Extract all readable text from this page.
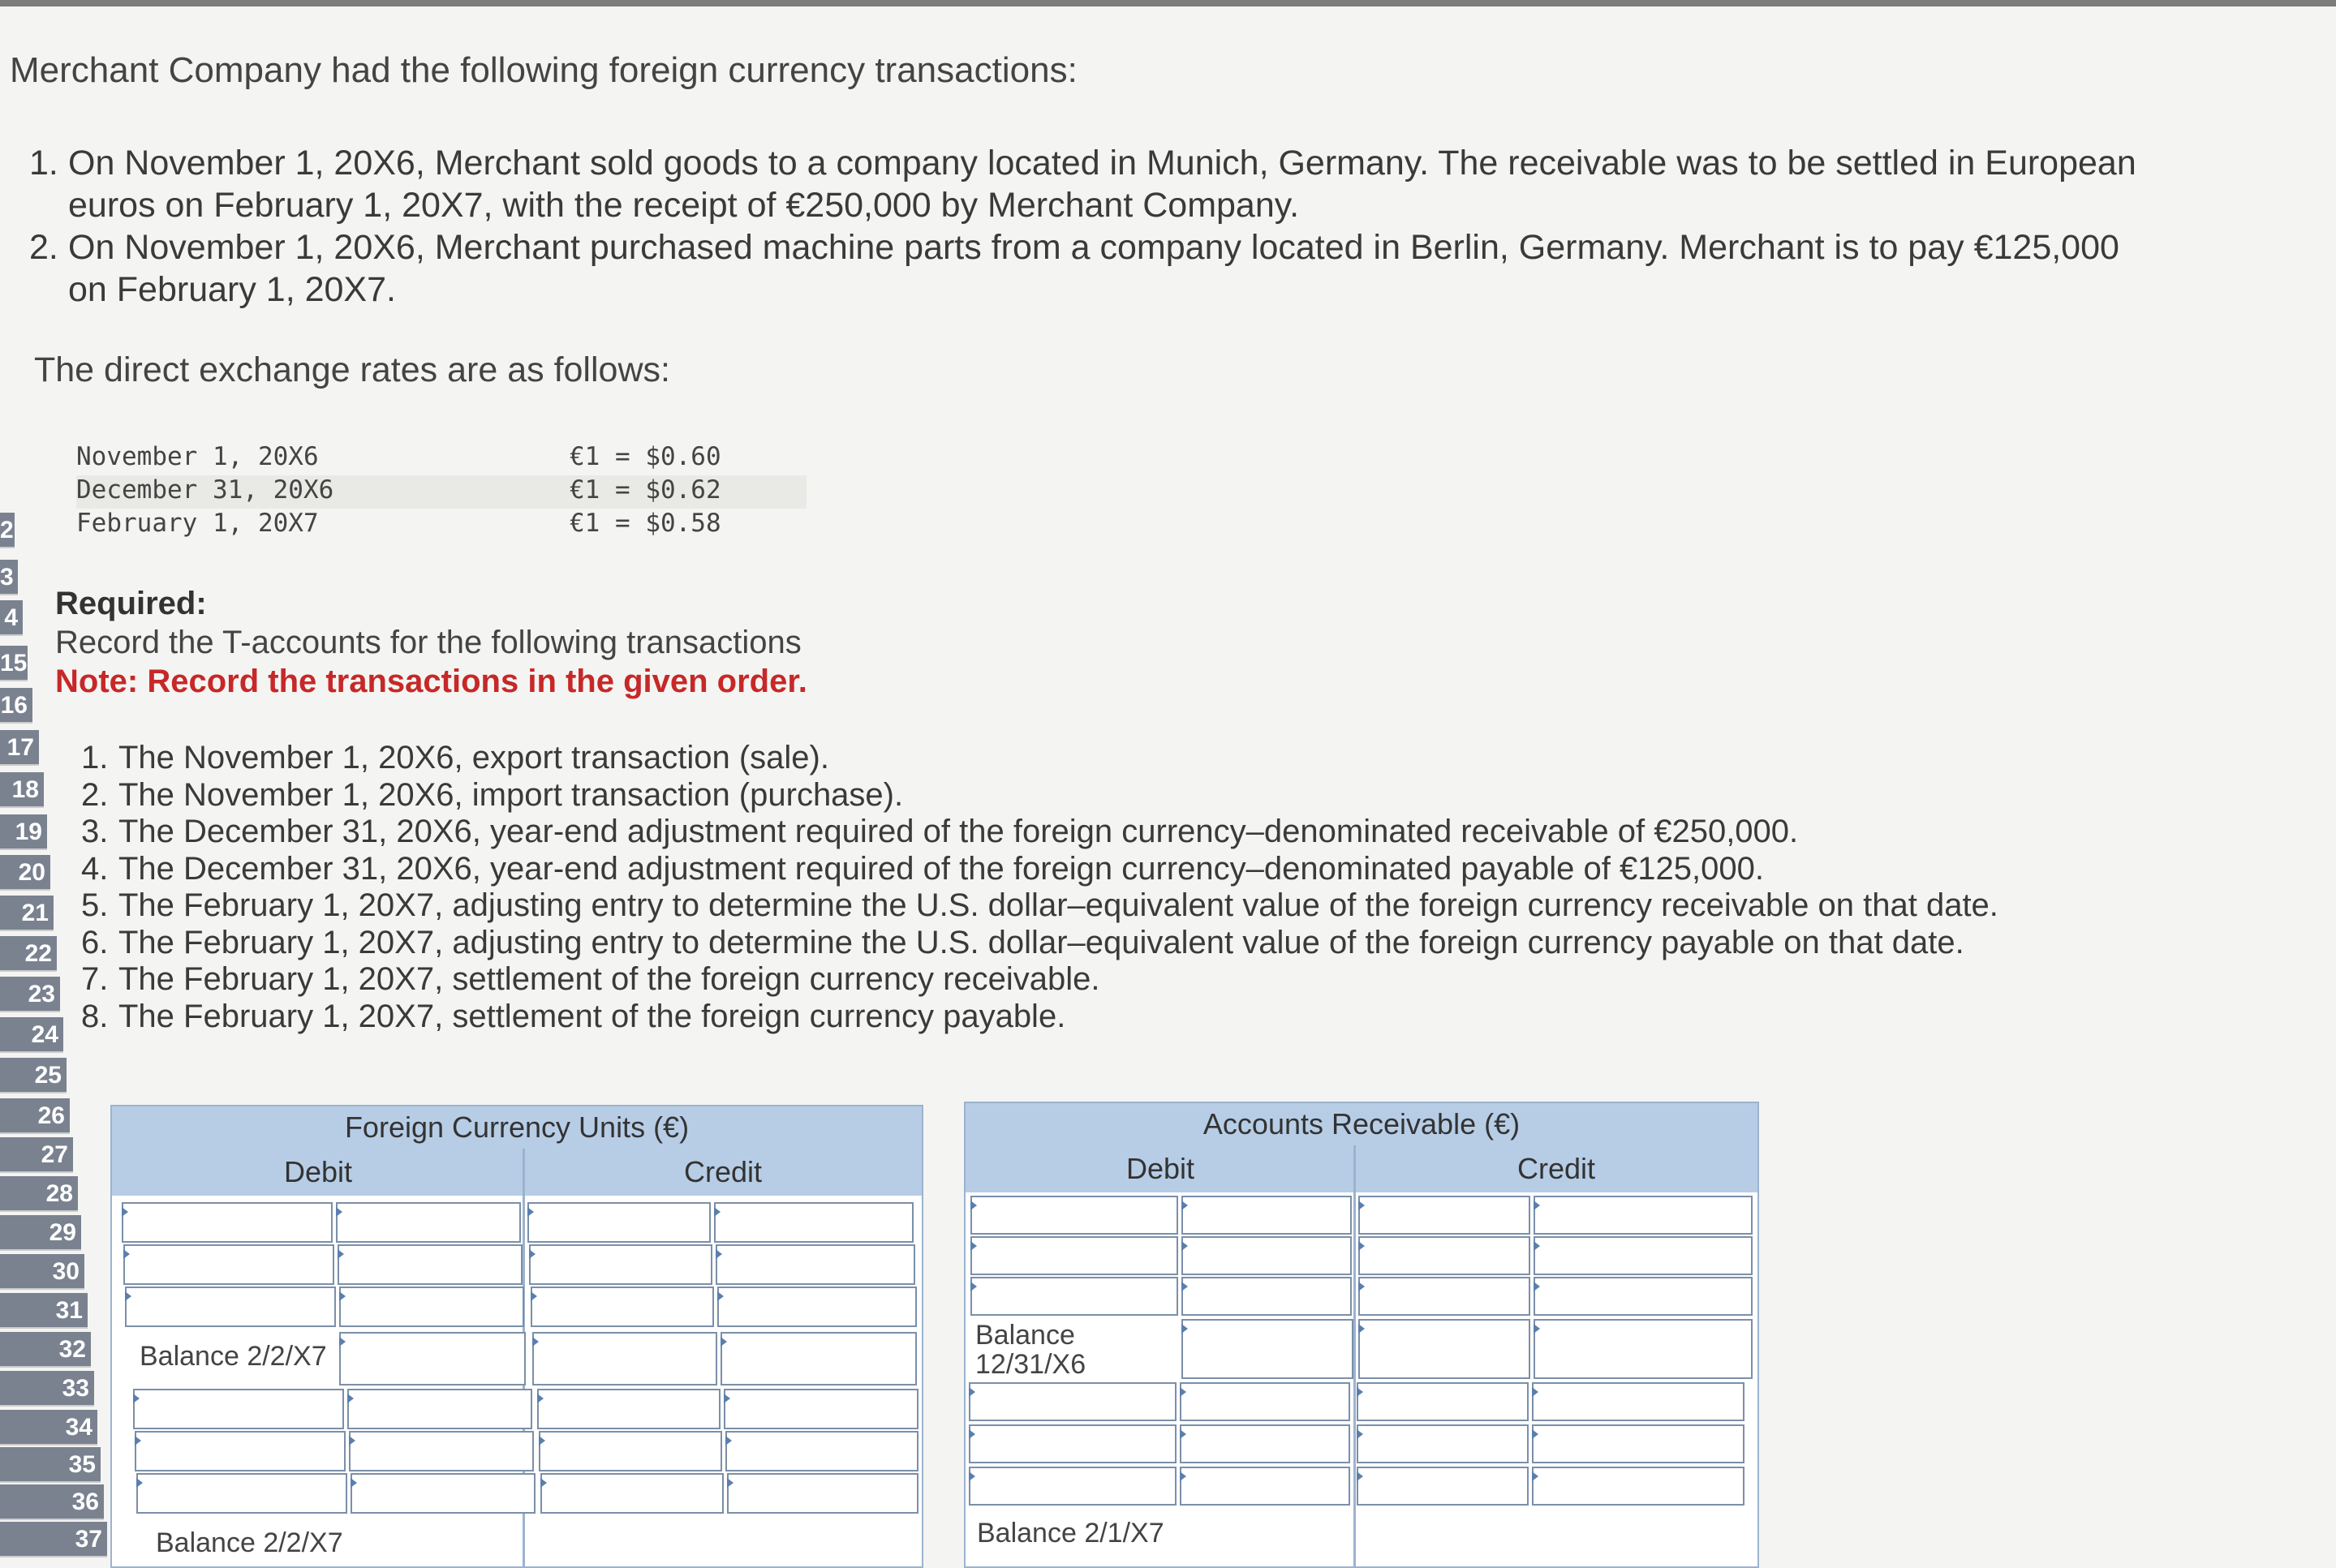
2
3
4
15
16
17
18
19
20
21
22
23
24
25
26
27
28
29
30
31
32
33
34
35
36
37
Merchant Company had the following foreign currency transactions:
1. On November 1, 20X6, Merchant sold goods to a company located in Munich, Germany. The receivable was to be settled in European euros on February 1, 20X7, with the receipt of €250,000 by Merchant Company.
2. On November 1, 20X6, Merchant purchased machine parts from a company located in Berlin, Germany. Merchant is to pay €125,000 on February 1, 20X7.
The direct exchange rates are as follows:
November 1, 20X6	€1 = $0.60
December 31, 20X6	€1 = $0.62
February 1, 20X7	€1 = $0.58
Required:
Record the T-accounts for the following transactions
Note: Record the transactions in the given order.
1. The November 1, 20X6, export transaction (sale).
2. The November 1, 20X6, import transaction (purchase).
3. The December 31, 20X6, year-end adjustment required of the foreign currency–denominated receivable of €250,000.
4. The December 31, 20X6, year-end adjustment required of the foreign currency–denominated payable of €125,000.
5. The February 1, 20X7, adjusting entry to determine the U.S. dollar–equivalent value of the foreign currency receivable on that date.
6. The February 1, 20X7, adjusting entry to determine the U.S. dollar–equivalent value of the foreign currency payable on that date.
7. The February 1, 20X7, settlement of the foreign currency receivable.
8. The February 1, 20X7, settlement of the foreign currency payable.
Foreign Currency Units (€)
Debit	Credit
Balance 2/2/X7
Balance 2/2/X7
Accounts Receivable (€)
Debit	Credit
Balance 12/31/X6
Balance 2/1/X7
